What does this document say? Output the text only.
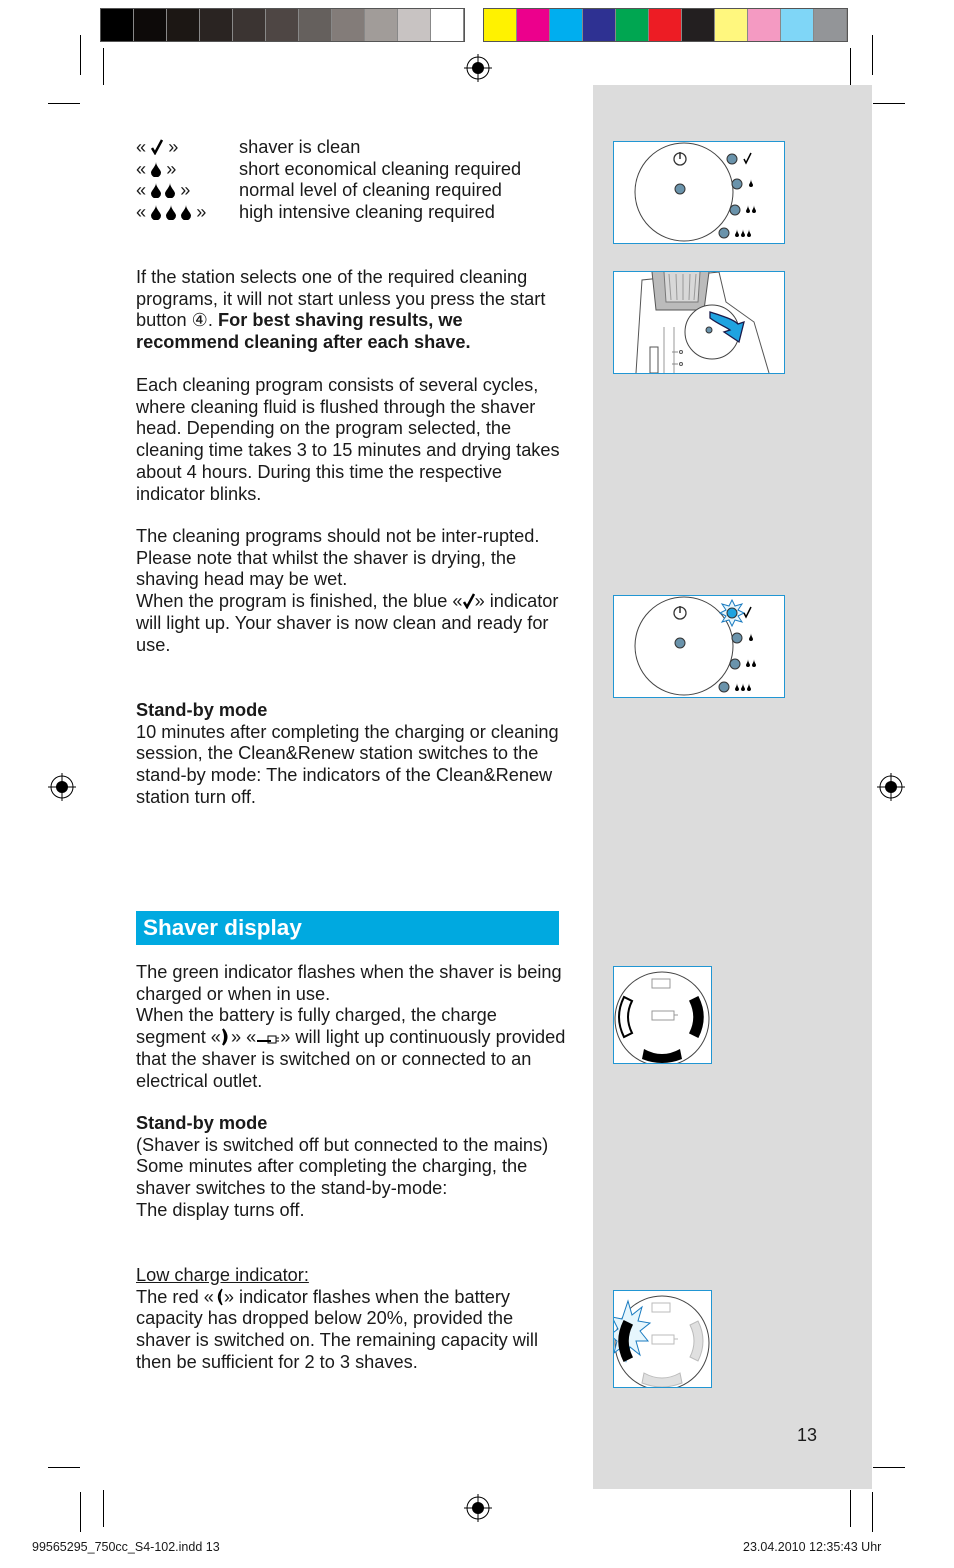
«  »	shaver is clean
«  »	short economical cleaning required
«  »	normal level of cleaning required
«  »	high intensive cleaning required
If the station selects one of the required cleaning programs, it will not start unless you press the start button ④. For best shaving results, we recommend cleaning after each shave.
Each cleaning program consists of several cycles, where cleaning fluid is flushed through the shaver head. Depending on the program selected, the cleaning time takes 3 to 15 minutes and drying takes about 4 hours. During this time the respective indicator blinks.
The cleaning programs should not be inter-rupted. Please note that whilst the shaver is drying, the shaving head may be wet.
When the program is finished, the blue « » indicator will light up. Your shaver is now clean and ready for use.
Stand-by mode
10 minutes after completing the charging or cleaning session, the Clean&Renew station switches to the stand-by mode: The indicators of the Clean&Renew station turn off.
Shaver display
The green indicator flashes when the shaver is being charged or when in use.
When the battery is fully charged, the charge segment « » « » will light up continuously provided that the shaver is switched on or connected to an electrical outlet.
Stand-by mode
(Shaver is switched off but connected to the mains)
Some minutes after completing the charging, the shaver switches to the stand-by-mode:
The display turns off.
Low charge indicator:
The red « » indicator flashes when the battery capacity has dropped below 20%, provided the shaver is switched on. The remaining capacity will then be sufficient for 2 to 3 shaves.
13
99565295_750cc_S4-102.indd 13	23.04.2010 12:35:43 Uhr
